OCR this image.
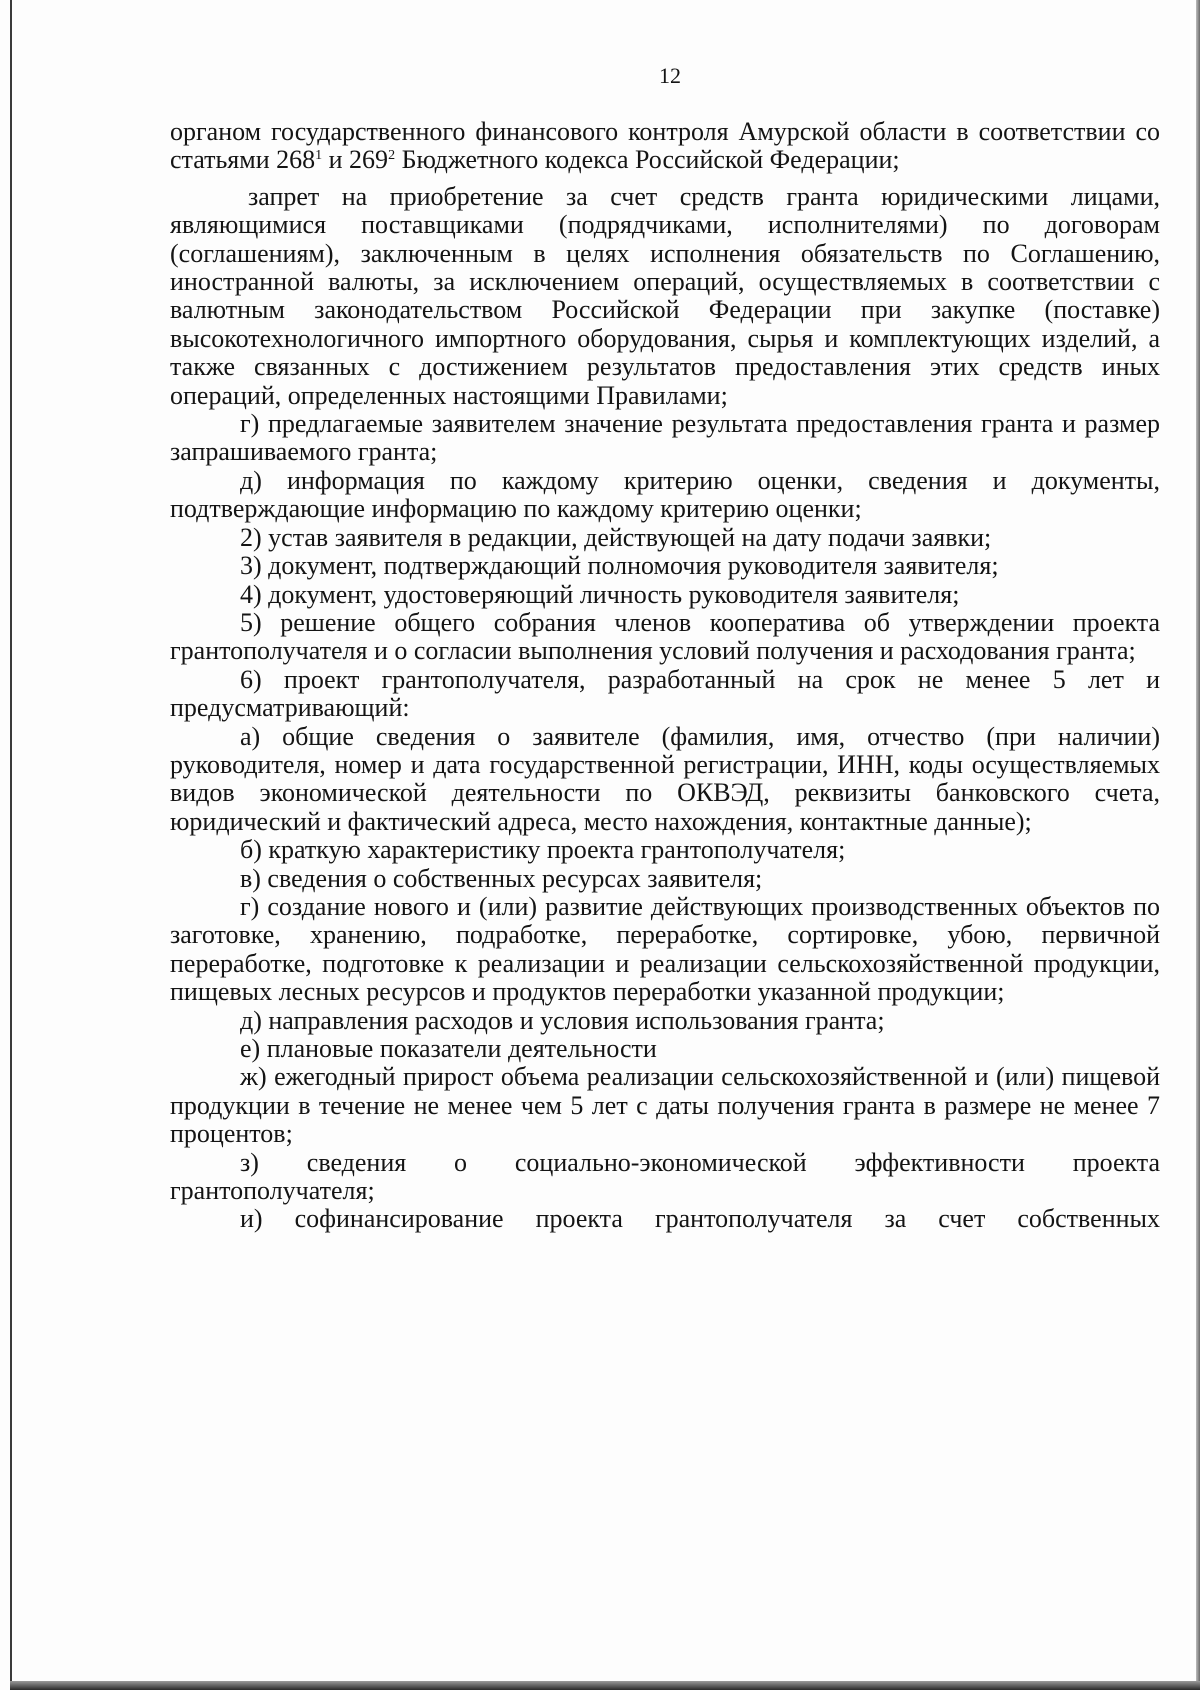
12

органом государственного финансового контроля Амурской области в соответствии со статьями $268^1$ и $269^2$ Бюджетного кодекса Российской Федерации;

запрет на приобретение за счет средств гранта юридическими лицами, являющимися поставщиками (подрядчиками, исполнителями) по договорам (соглашениям), заключенным в целях исполнения обязательств по Соглашению, иностранной валюты, за исключением операций, осуществляемых в соответствии с валютным законодательством Российской Федерации при закупке (поставке) высокотехнологичного импортного оборудования, сырья и комплектующих изделий, а также связанных с достижением результатов предоставления этих средств иных операций, определенных настоящими Правилами;

г) предлагаемые заявителем значение результата предоставления гранта и размер запрашиваемого гранта;

д) информация по каждому критерию оценки, сведения и документы, подтверждающие информацию по каждому критерию оценки;

2) устав заявителя в редакции, действующей на дату подачи заявки;

3) документ, подтверждающий полномочия руководителя заявителя;

4) документ, удостоверяющий личность руководителя заявителя;

5) решение общего собрания членов кооператива об утверждении проекта грантополучателя и о согласии выполнения условий получения и расходования гранта;

6) проект грантополучателя, разработанный на срок не менее 5 лет и предусматривающий:

а) общие сведения о заявителе (фамилия, имя, отчество (при наличии) руководителя, номер и дата государственной регистрации, ИНН, коды осуществляемых видов экономической деятельности по ОКВЭД, реквизиты банковского счета, юридический и фактический адреса, место нахождения, контактные данные);

б) краткую характеристику проекта грантополучателя;

в) сведения о собственных ресурсах заявителя;

г) создание нового и (или) развитие действующих производственных объектов по заготовке, хранению, подработке, переработке, сортировке, убою, первичной переработке, подготовке к реализации и реализации сельскохозяйственной продукции, пищевых лесных ресурсов и продуктов переработки указанной продукции;

д) направления расходов и условия использования гранта;

е) плановые показатели деятельности

ж) ежегодный прирост объема реализации сельскохозяйственной и (или) пищевой продукции в течение не менее чем 5 лет с даты получения гранта в размере не менее 7 процентов;

з) сведения о социально-экономической эффективности проекта грантополучателя;

и) софинансирование проекта грантополучателя за счет собственных
